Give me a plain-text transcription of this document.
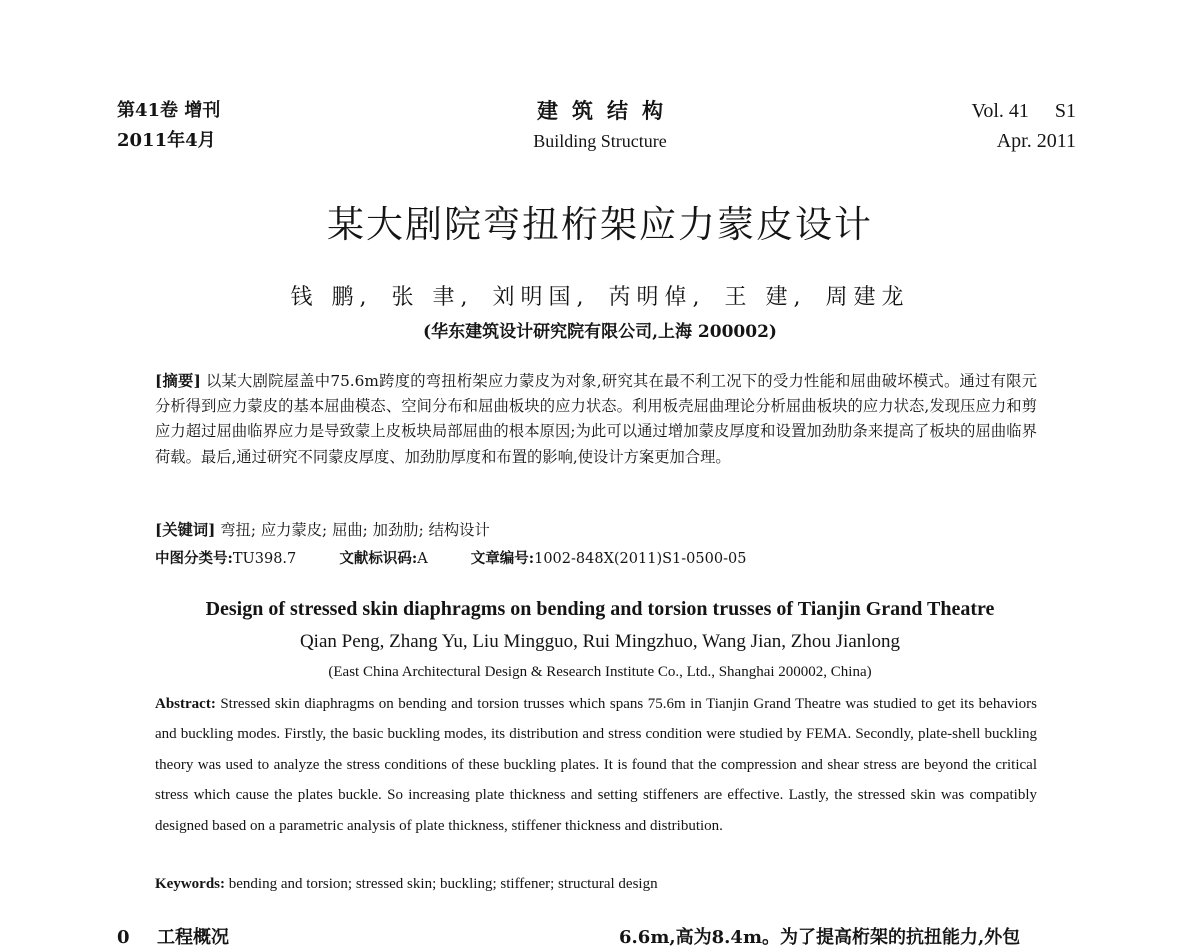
第41卷 增刊
2011年4月
建筑结构
Building Structure
Vol. 41 S1
Apr. 2011
某大剧院弯扭桁架应力蒙皮设计
钱 鹏, 张 聿, 刘明国, 芮明倬, 王 建, 周建龙
(华东建筑设计研究院有限公司,上海 200002)
[摘要] 以某大剧院屋盖中75.6m跨度的弯扭桁架应力蒙皮为对象,研究其在最不利工况下的受力性能和屈曲破坏模式。通过有限元分析得到应力蒙皮的基本屈曲模态、空间分布和屈曲板块的应力状态。利用板壳屈曲理论分析屈曲板块的应力状态,发现压应力和剪应力超过屈曲临界应力是导致蒙上皮板块局部屈曲的根本原因;为此可以通过增加蒙皮厚度和设置加劲肋条来提高了板块的屈曲临界荷载。最后,通过研究不同蒙皮厚度、加劲肋厚度和布置的影响,使设计方案更加合理。
[关键词] 弯扭; 应力蒙皮; 屈曲; 加劲肋; 结构设计
中图分类号:TU398.7	文献标识码:A	文章编号:1002-848X(2011)S1-0500-05
Design of stressed skin diaphragms on bending and torsion trusses of Tianjin Grand Theatre
Qian Peng, Zhang Yu, Liu Mingguo, Rui Mingzhuo, Wang Jian, Zhou Jianlong
(East China Architectural Design & Research Institute Co., Ltd., Shanghai 200002, China)
Abstract: Stressed skin diaphragms on bending and torsion trusses which spans 75.6m in Tianjin Grand Theatre was studied to get its behaviors and buckling modes. Firstly, the basic buckling modes, its distribution and stress condition were studied by FEMA. Secondly, plate-shell buckling theory was used to analyze the stress conditions of these buckling plates. It is found that the compression and shear stress are beyond the critical stress which cause the plates buckle. So increasing plate thickness and setting stiffeners are effective. Lastly, the stressed skin was compatibly designed based on a parametric analysis of plate thickness, stiffener thickness and distribution.
Keywords: bending and torsion; stressed skin; buckling; stiffener; structural design
0 工程概况	6.6m,高为8.4m。为了提高桁架的抗扭能力,外包
